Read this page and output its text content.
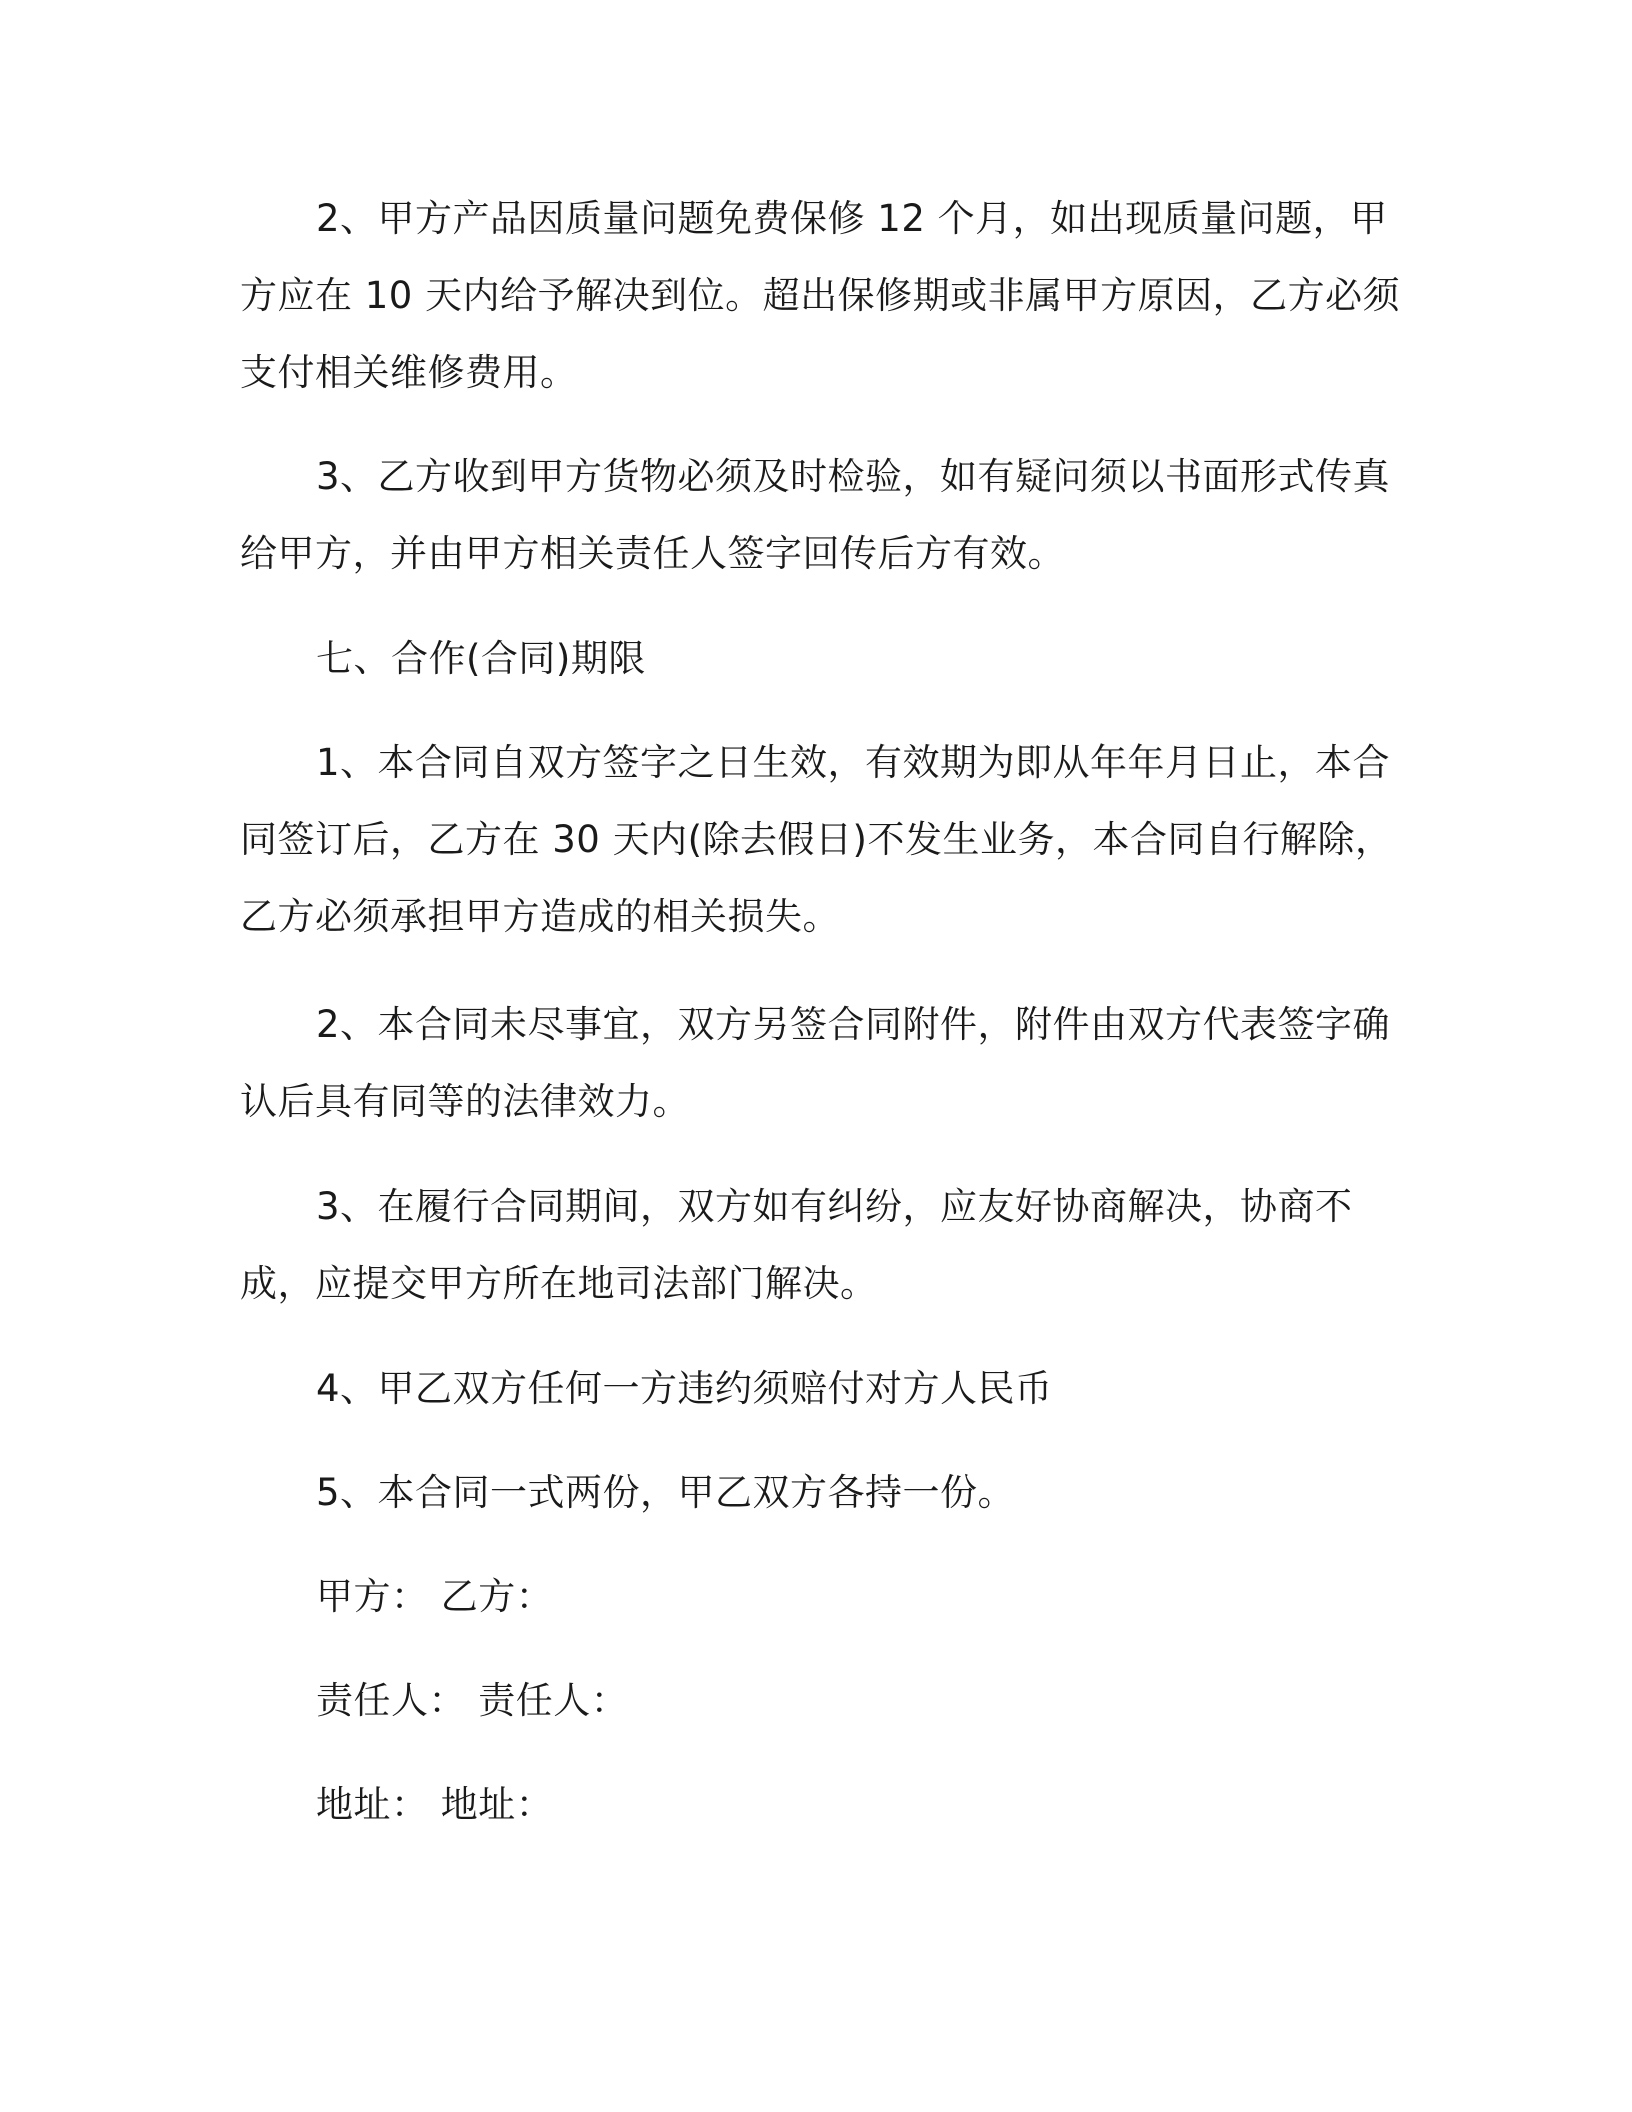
2、甲方产品因质量问题免费保修 12 个月，如出现质量问题，甲方应在 10 天内给予解决到位。超出保修期或非属甲方原因，乙方必须支付相关维修费用。

3、乙方收到甲方货物必须及时检验，如有疑问须以书面形式传真给甲方，并由甲方相关责任人签字回传后方有效。

七、合作(合同)期限

1、本合同自双方签字之日生效，有效期为即从年年月日止，本合同签订后，乙方在 30 天内(除去假日)不发生业务，本合同自行解除，乙方必须承担甲方造成的相关损失。

2、本合同未尽事宜，双方另签合同附件，附件由双方代表签字确认后具有同等的法律效力。

3、在履行合同期间，双方如有纠纷，应友好协商解决，协商不成，应提交甲方所在地司法部门解决。

4、甲乙双方任何一方违约须赔付对方人民币

5、本合同一式两份，甲乙双方各持一份。

甲方： 乙方：

责任人： 责任人：

地址： 地址：
